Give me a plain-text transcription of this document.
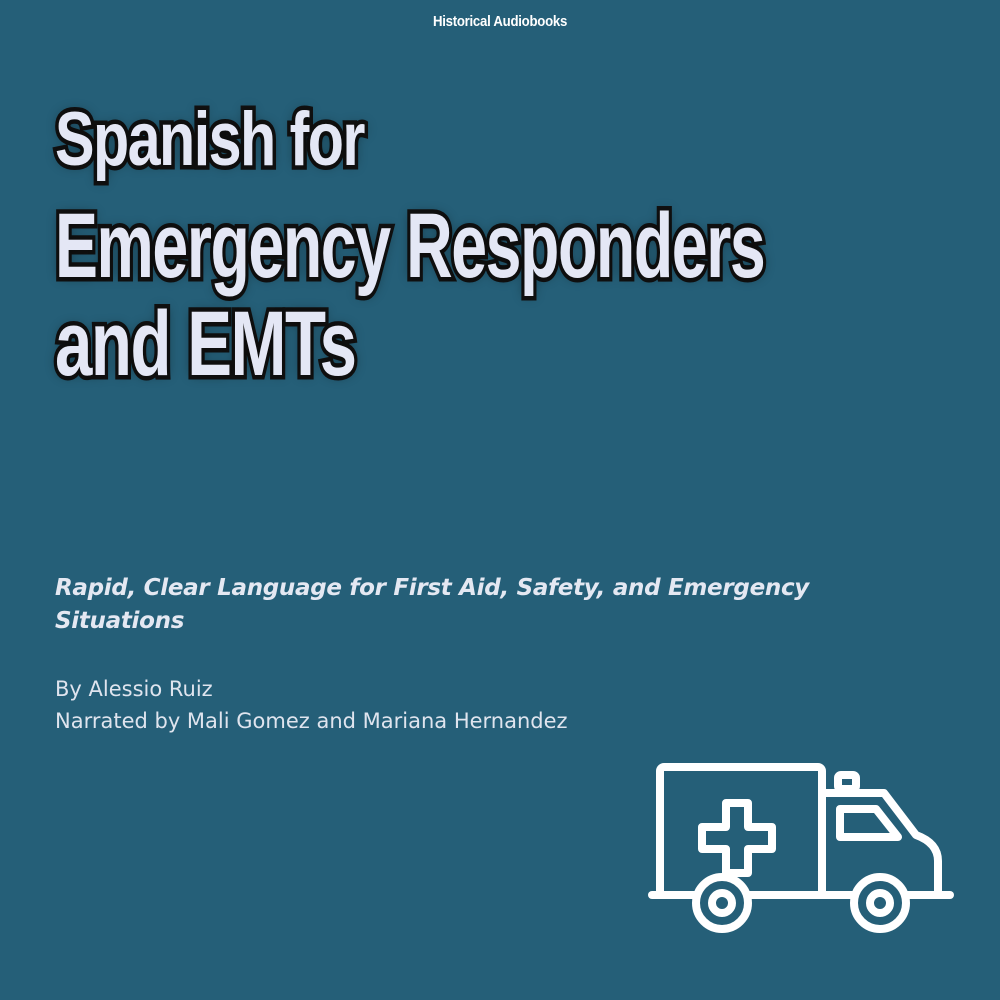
Historical Audiobooks
Spanish for
Emergency Responders
and EMTs
Rapid, Clear Language for First Aid, Safety, and Emergency Situations
By Alessio Ruiz
Narrated by Mali Gomez and Mariana Hernandez
